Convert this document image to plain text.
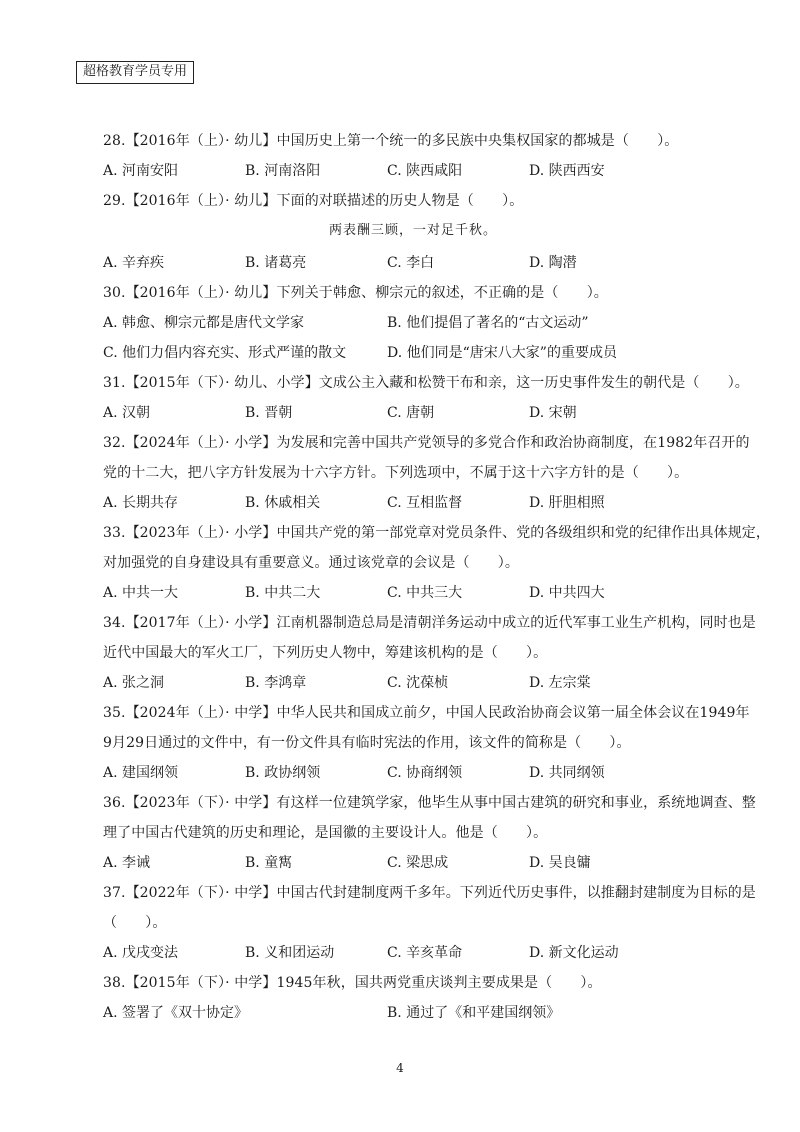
超格教育学员专用
28.【2016年（上）· 幼儿】中国历史上第一个统一的多民族中央集权国家的都城是（　　）。
A. 河南安阳	B. 河南洛阳	C. 陕西咸阳	D. 陕西西安
29.【2016年（上）· 幼儿】下面的对联描述的历史人物是（　　）。
两表酬三顾，一对足千秋。
A. 辛弃疾	B. 诸葛亮	C. 李白	D. 陶潜
30.【2016年（上）· 幼儿】下列关于韩愈、柳宗元的叙述，不正确的是（　　）。
A. 韩愈、柳宗元都是唐代文学家	B. 他们提倡了著名的“古文运动”
C. 他们力倡内容充实、形式严谨的散文	D. 他们同是“唐宋八大家”的重要成员
31.【2015年（下）· 幼儿、小学】文成公主入藏和松赞干布和亲，这一历史事件发生的朝代是（　　）。
A. 汉朝	B. 晋朝	C. 唐朝	D. 宋朝
32.【2024年（上）· 小学】为发展和完善中国共产党领导的多党合作和政治协商制度，在1982年召开的
党的十二大，把八字方针发展为十六字方针。下列选项中，不属于这十六字方针的是（　　）。
A. 长期共存	B. 休戚相关	C. 互相监督	D. 肝胆相照
33.【2023年（上）· 小学】中国共产党的第一部党章对党员条件、党的各级组织和党的纪律作出具体规定，
对加强党的自身建设具有重要意义。通过该党章的会议是（　　）。
A. 中共一大	B. 中共二大	C. 中共三大	D. 中共四大
34.【2017年（上）· 小学】江南机器制造总局是清朝洋务运动中成立的近代军事工业生产机构，同时也是
近代中国最大的军火工厂，下列历史人物中，筹建该机构的是（　　）。
A. 张之洞	B. 李鸿章	C. 沈葆桢	D. 左宗棠
35.【2024年（上）· 中学】中华人民共和国成立前夕，中国人民政治协商会议第一届全体会议在1949年
9月29日通过的文件中，有一份文件具有临时宪法的作用，该文件的简称是（　　）。
A. 建国纲领	B. 政协纲领	C. 协商纲领	D. 共同纲领
36.【2023年（下）· 中学】有这样一位建筑学家，他毕生从事中国古建筑的研究和事业，系统地调查、整
理了中国古代建筑的历史和理论，是国徽的主要设计人。他是（　　）。
A. 李诫	B. 童寯	C. 梁思成	D. 吴良镛
37.【2022年（下）· 中学】中国古代封建制度两千多年。下列近代历史事件，以推翻封建制度为目标的是
（　　）。
A. 戊戌变法	B. 义和团运动	C. 辛亥革命	D. 新文化运动
38.【2015年（下）· 中学】1945年秋，国共两党重庆谈判主要成果是（　　）。
A. 签署了《双十协定》	B. 通过了《和平建国纲领》
4
